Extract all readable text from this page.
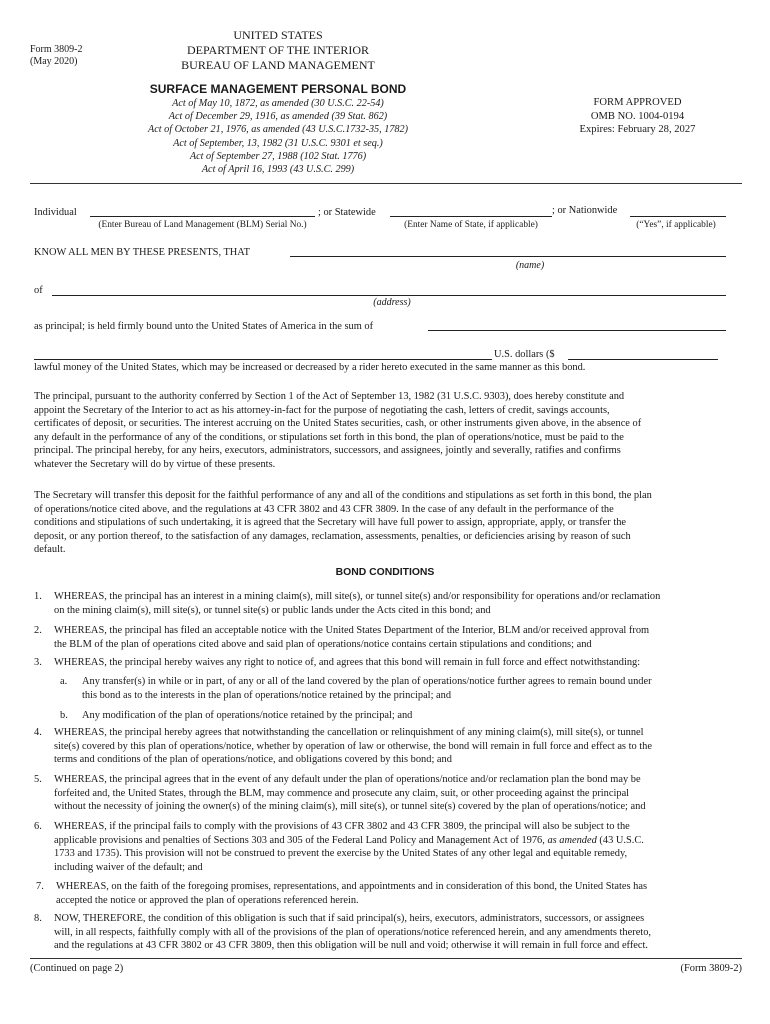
Form 3809-2
(May 2020)
UNITED STATES
DEPARTMENT OF THE INTERIOR
BUREAU OF LAND MANAGEMENT
SURFACE MANAGEMENT PERSONAL BOND
Act of May 10, 1872, as amended (30 U.S.C. 22-54)
Act of December 29, 1916, as amended (39 Stat. 862)
Act of October 21, 1976, as amended (43 U.S.C.1732-35, 1782)
Act of September, 13, 1982 (31 U.S.C. 9301 et seq.)
Act of September 27, 1988 (102 Stat. 1776)
Act of April 16, 1993 (43 U.S.C. 299)
FORM APPROVED
OMB NO. 1004-0194
Expires: February 28, 2027
Individual
(Enter Bureau of Land Management (BLM) Serial No.)
; or Statewide
(Enter Name of State, if applicable)
; or Nationwide
(“Yes”, if applicable)
KNOW ALL MEN BY THESE PRESENTS, THAT
(name)
of
(address)
as principal; is held firmly bound unto the United States of America in the sum of
U.S. dollars ($
lawful money of the United States, which may be increased or decreased by a rider hereto executed in the same manner as this bond.
The principal, pursuant to the authority conferred by Section 1 of the Act of September 13, 1982 (31 U.S.C. 9303), does hereby constitute and
appoint the Secretary of the Interior to act as his attorney-in-fact for the purpose of negotiating the cash, letters of credit, savings accounts,
certificates of deposit, or securities. The interest accruing on the United States securities, cash, or other instruments given above, in the absence of
any default in the performance of any of the conditions, or stipulations set forth in this bond, the plan of operations/notice, must be paid to the
principal. The principal hereby, for any heirs, executors, administrators, successors, and assignees, jointly and severally, ratifies and confirms
whatever the Secretary will do by virtue of these presents.
The Secretary will transfer this deposit for the faithful performance of any and all of the conditions and stipulations as set forth in this bond, the plan
of operations/notice cited above, and the regulations at 43 CFR 3802 and 43 CFR 3809. In the case of any default in the performance of the
conditions and stipulations of such undertaking, it is agreed that the Secretary will have full power to assign, appropriate, apply, or transfer the
deposit, or any portion thereof, to the satisfaction of any damages, reclamation, assessments, penalties, or deficiencies arising by reason of such
default.
BOND CONDITIONS
1. WHEREAS, the principal has an interest in a mining claim(s), mill site(s), or tunnel site(s) and/or responsibility for operations and/or reclamation
on the mining claim(s), mill site(s), or tunnel site(s) or public lands under the Acts cited in this bond; and
2. WHEREAS, the principal has filed an acceptable notice with the United States Department of the Interior, BLM and/or received approval from
the BLM of the plan of operations cited above and said plan of operations/notice contains certain stipulations and conditions; and
3. WHEREAS, the principal hereby waives any right to notice of, and agrees that this bond will remain in full force and effect notwithstanding:
a. Any transfer(s) in while or in part, of any or all of the land covered by the plan of operations/notice further agrees to remain bound under
this bond as to the interests in the plan of operations/notice retained by the principal; and
b. Any modification of the plan of operations/notice retained by the principal; and
4. WHEREAS, the principal hereby agrees that notwithstanding the cancellation or relinquishment of any mining claim(s), mill site(s), or tunnel
site(s) covered by this plan of operations/notice, whether by operation of law or otherwise, the bond will remain in full force and effect as to the
terms and conditions of the plan of operations/notice, and obligations covered by this bond; and
5. WHEREAS, the principal agrees that in the event of any default under the plan of operations/notice and/or reclamation plan the bond may be
forfeited and, the United States, through the BLM, may commence and prosecute any claim, suit, or other proceeding against the principal
without the necessity of joining the owner(s) of the mining claim(s), mill site(s), or tunnel site(s) covered by the plan of operations/notice; and
6. WHEREAS, if the principal fails to comply with the provisions of 43 CFR 3802 and 43 CFR 3809, the principal will also be subject to the
applicable provisions and penalties of Sections 303 and 305 of the Federal Land Policy and Management Act of 1976, as amended (43 U.S.C.
1733 and 1735). This provision will not be construed to prevent the exercise by the United States of any other legal and equitable remedy,
including waiver of the default; and
7. WHEREAS, on the faith of the foregoing promises, representations, and appointments and in consideration of this bond, the United States has
accepted the notice or approved the plan of operations referenced herein.
8. NOW, THEREFORE, the condition of this obligation is such that if said principal(s), heirs, executors, administrators, successors, or assignees
will, in all respects, faithfully comply with all of the provisions of the plan of operations/notice referenced herein, and any amendments thereto,
and the regulations at 43 CFR 3802 or 43 CFR 3809, then this obligation will be null and void; otherwise it will remain in full force and effect.
(Continued on page 2)	(Form 3809-2)
